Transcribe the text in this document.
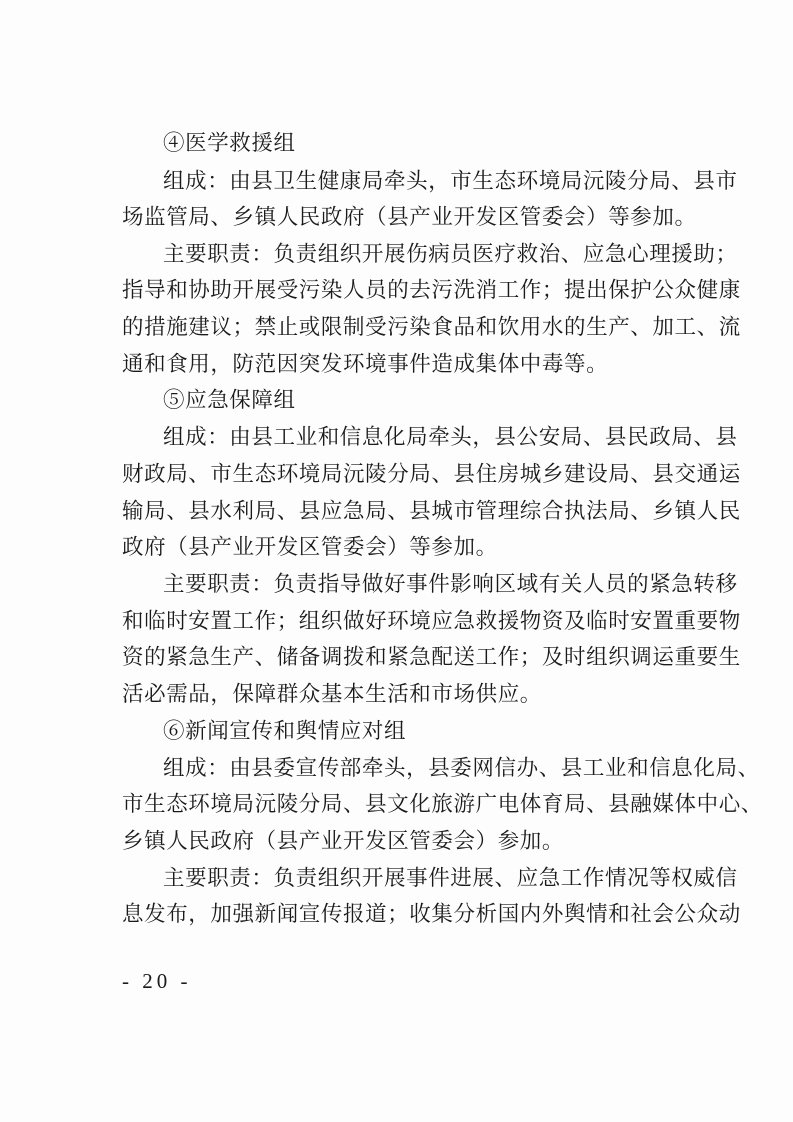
④医学救援组
组成：由县卫生健康局牵头，市生态环境局沅陵分局、县市
场监管局、乡镇人民政府（县产业开发区管委会）等参加。
主要职责：负责组织开展伤病员医疗救治、应急心理援助；
指导和协助开展受污染人员的去污洗消工作；提出保护公众健康
的措施建议；禁止或限制受污染食品和饮用水的生产、加工、流
通和食用，防范因突发环境事件造成集体中毒等。
⑤应急保障组
组成：由县工业和信息化局牵头，县公安局、县民政局、县
财政局、市生态环境局沅陵分局、县住房城乡建设局、县交通运
输局、县水利局、县应急局、县城市管理综合执法局、乡镇人民
政府（县产业开发区管委会）等参加。
主要职责：负责指导做好事件影响区域有关人员的紧急转移
和临时安置工作；组织做好环境应急救援物资及临时安置重要物
资的紧急生产、储备调拨和紧急配送工作；及时组织调运重要生
活必需品，保障群众基本生活和市场供应。
⑥新闻宣传和舆情应对组
组成：由县委宣传部牵头，县委网信办、县工业和信息化局、
市生态环境局沅陵分局、县文化旅游广电体育局、县融媒体中心、
乡镇人民政府（县产业开发区管委会）参加。
主要职责：负责组织开展事件进展、应急工作情况等权威信
息发布，加强新闻宣传报道；收集分析国内外舆情和社会公众动
- 20 -
